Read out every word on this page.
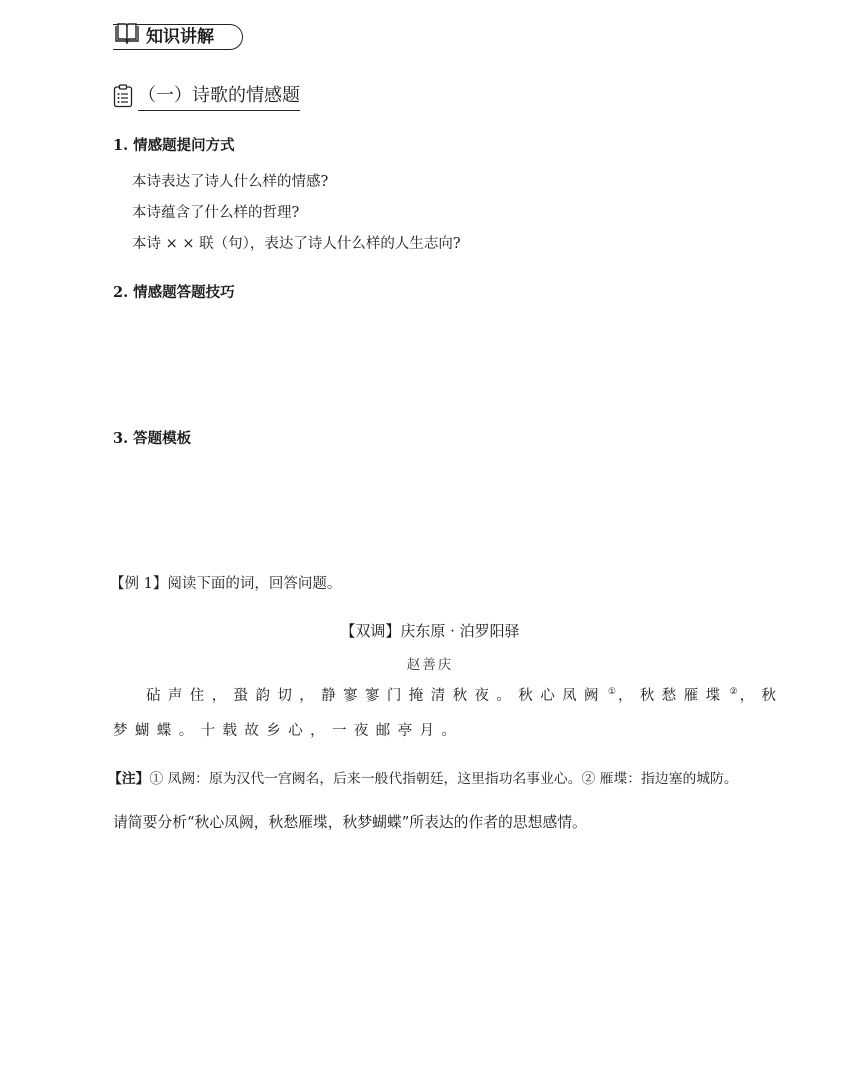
知识讲解
（一）诗歌的情感题
1. 情感题提问方式
本诗表达了诗人什么样的情感?
本诗蕴含了什么样的哲理?
本诗 × × 联（句），表达了诗人什么样的人生志向?
2. 情感题答题技巧
3. 答题模板
【例 1】阅读下面的词，回答问题。
【双调】庆东原 · 泊罗阳驿
赵善庆
砧声住，蛩韵切，静寥寥门掩清秋夜。秋心凤阙 ① ，秋愁雁堞 ② ，秋
梦蝴蝶。十载故乡心，一夜邮亭月。
【注】① 凤阙：原为汉代一宫阙名，后来一般代指朝廷，这里指功名事业心。② 雁堞：指边塞的城防。
请简要分析“秋心凤阙，秋愁雁堞，秋梦蝴蝶”所表达的作者的思想感情。
